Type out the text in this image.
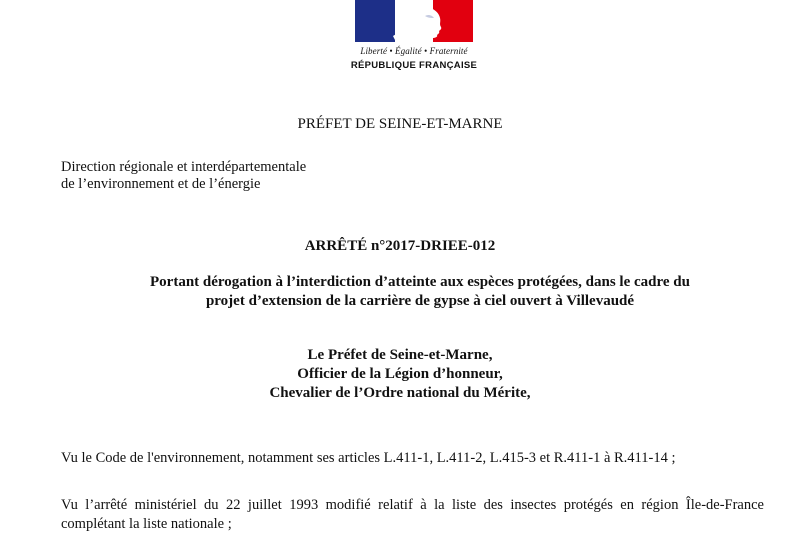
Liberté • Égalité • Fraternité
RÉPUBLIQUE FRANÇAISE
PRÉFET DE SEINE-ET-MARNE
Direction régionale et interdépartementale
de l’environnement et de l’énergie
ARRÊTÉ n°2017-DRIEE-012
Portant dérogation à l’interdiction d’atteinte aux espèces protégées, dans le cadre du
projet d’extension de la carrière de gypse à ciel ouvert à Villevaudé
Le Préfet de Seine-et-Marne,
Officier de la Légion d’honneur,
Chevalier de l’Ordre national du Mérite,
Vu le Code de l'environnement, notamment ses articles L.411-1, L.411-2, L.415-3 et R.411-1 à R.411-14 ;
Vu l’arrêté ministériel du 22 juillet 1993 modifié relatif à la liste des insectes protégés en région Île-de-France complétant la liste nationale ;
